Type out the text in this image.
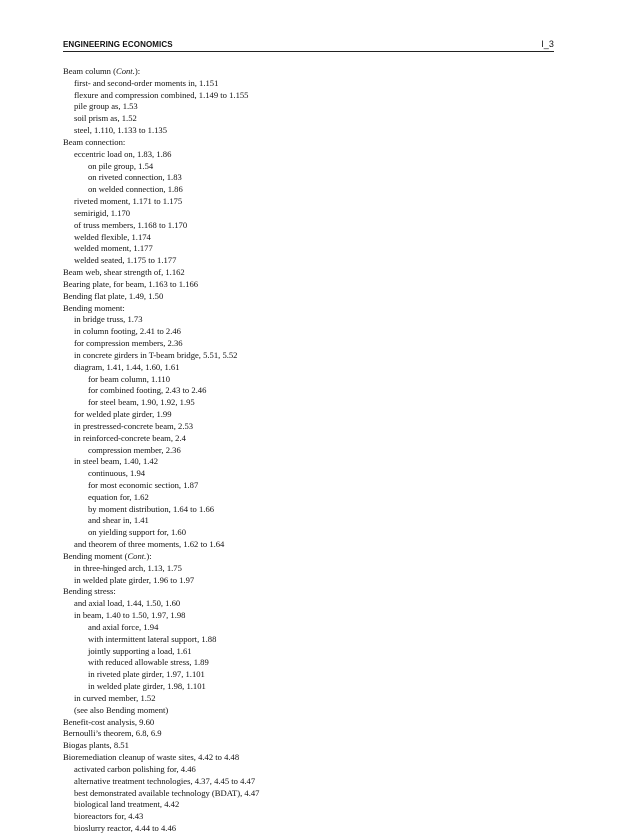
ENGINEERING ECONOMICS	I_3
Beam column (Cont.):
first- and second-order moments in, 1.151
flexure and compression combined, 1.149 to 1.155
pile group as, 1.53
soil prism as, 1.52
steel, 1.110, 1.133 to 1.135
Beam connection:
eccentric load on, 1.83, 1.86
on pile group, 1.54
on riveted connection, 1.83
on welded connection, 1.86
riveted moment, 1.171 to 1.175
semirigid, 1.170
of truss members, 1.168 to 1.170
welded flexible, 1.174
welded moment, 1.177
welded seated, 1.175 to 1.177
Beam web, shear strength of, 1.162
Bearing plate, for beam, 1.163 to 1.166
Bending flat plate, 1.49, 1.50
Bending moment:
in bridge truss, 1.73
in column footing, 2.41 to 2.46
for compression members, 2.36
in concrete girders in T-beam bridge, 5.51, 5.52
diagram, 1.41, 1.44, 1.60, 1.61
for beam column, 1.110
for combined footing, 2.43 to 2.46
for steel beam, 1.90, 1.92, 1.95
for welded plate girder, 1.99
in prestressed-concrete beam, 2.53
in reinforced-concrete beam, 2.4
compression member, 2.36
in steel beam, 1.40, 1.42
continuous, 1.94
for most economic section, 1.87
equation for, 1.62
by moment distribution, 1.64 to 1.66
and shear in, 1.41
on yielding support for, 1.60
and theorem of three moments, 1.62 to 1.64
Bending moment (Cont.):
in three-hinged arch, 1.13, 1.75
in welded plate girder, 1.96 to 1.97
Bending stress:
and axial load, 1.44, 1.50, 1.60
in beam, 1.40 to 1.50, 1.97, 1.98
and axial force, 1.94
with intermittent lateral support, 1.88
jointly supporting a load, 1.61
with reduced allowable stress, 1.89
in riveted plate girder, 1.97, 1.101
in welded plate girder, 1.98, 1.101
in curved member, 1.52
(see also Bending moment)
Benefit-cost analysis, 9.60
Bernoulli’s theorem, 6.8, 6.9
Biogas plants, 8.51
Bioremediation cleanup of waste sites, 4.42 to 4.48
activated carbon polishing for, 4.46
alternative treatment technologies, 4.37, 4.45 to 4.47
best demonstrated available technology (BDAT), 4.47
biological land treatment, 4.42
bioreactors for, 4.43
bioslurry reactor, 4.44 to 4.46
